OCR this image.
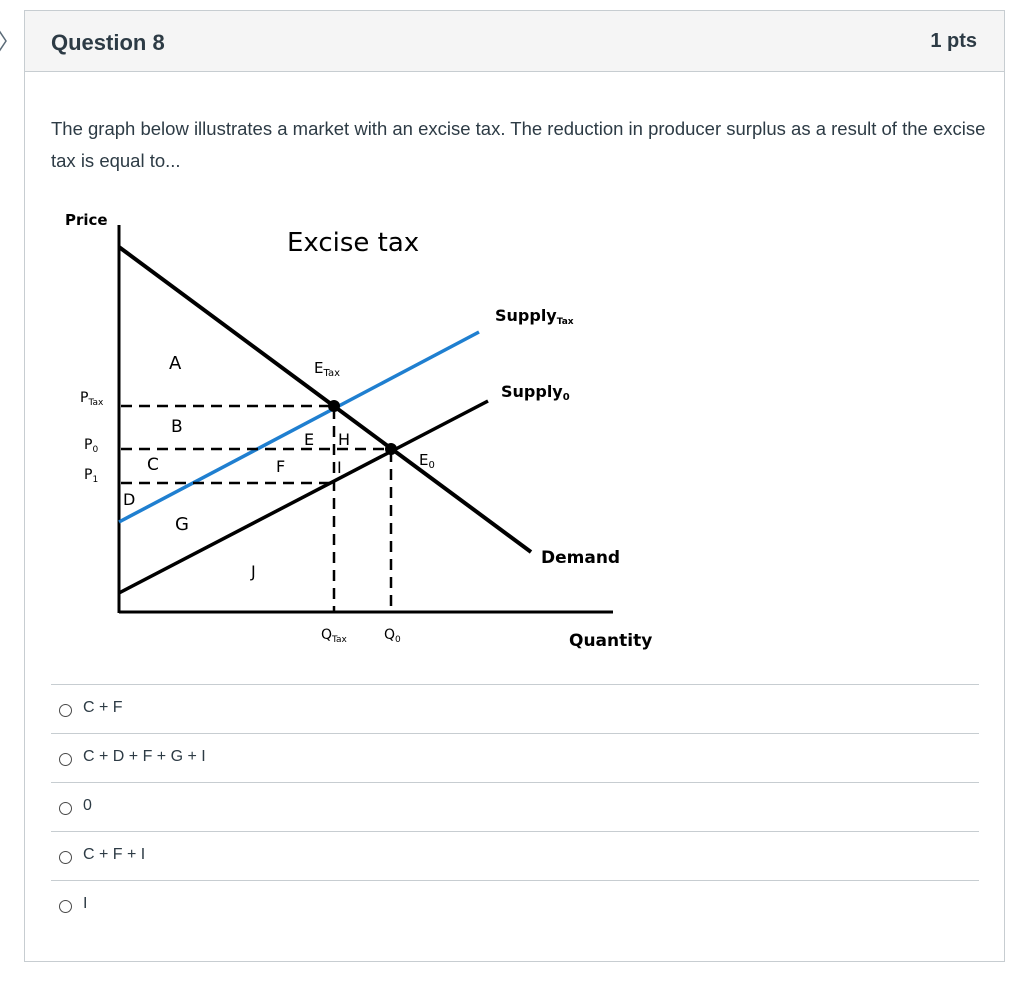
Question 8	1 pts
The graph below illustrates a market with an excise tax. The reduction in producer surplus as a result of the excise tax is equal to...
Price
Quantity
Excise tax
$P_{Tax}$
$P_0$
$P_1$
$Q_{Tax}$	$Q_0$
SupplyTax
Supply0
Demand
$E_{Tax}$
$E_0$
A
B
C
D
E
F
G
H
I
J
C + F
C + D + F + G + I
0
C + F + I
I
